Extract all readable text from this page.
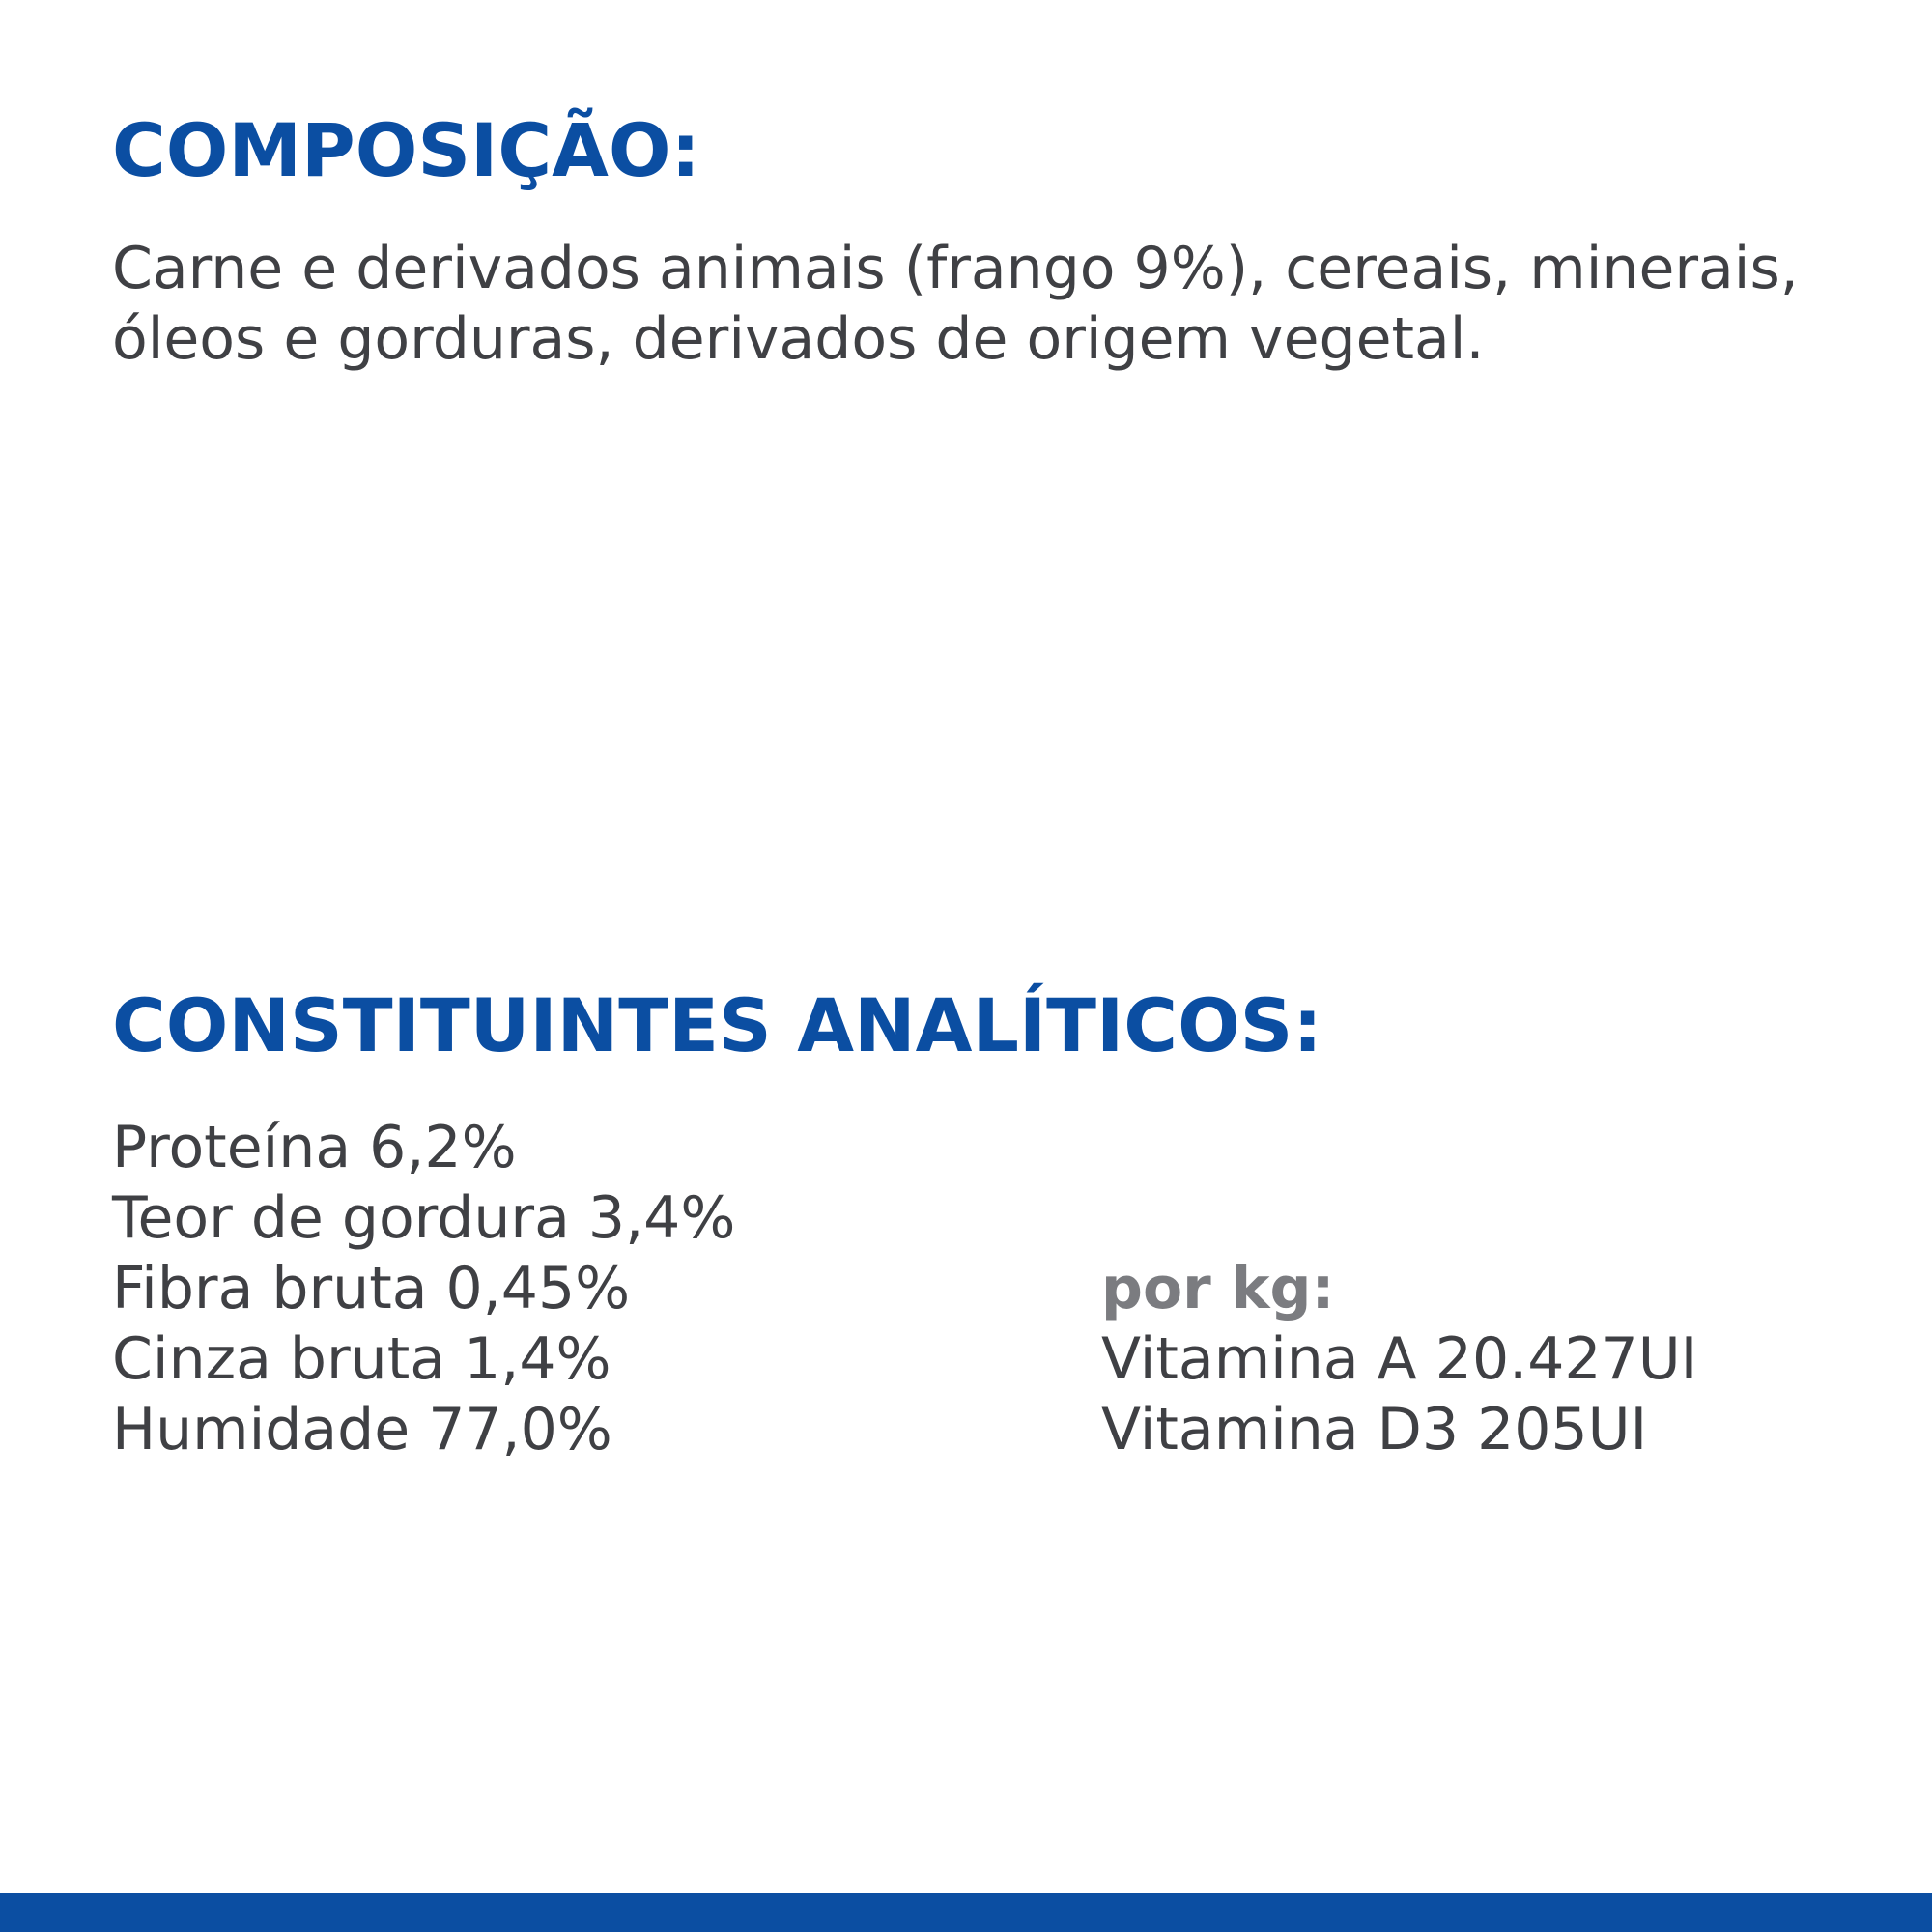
COMPOSIÇÃO:

Carne e derivados animais (frango 9%), cereais, minerais, óleos e gorduras, derivados de origem vegetal.

CONSTITUINTES ANALÍTICOS:
Proteína 6,2%
Teor de gordura 3,4%
Fibra bruta 0,45%
Cinza bruta 1,4%
Humidade 77,0%
por kg:
Vitamina A 20.427UI
Vitamina D3 205UI
